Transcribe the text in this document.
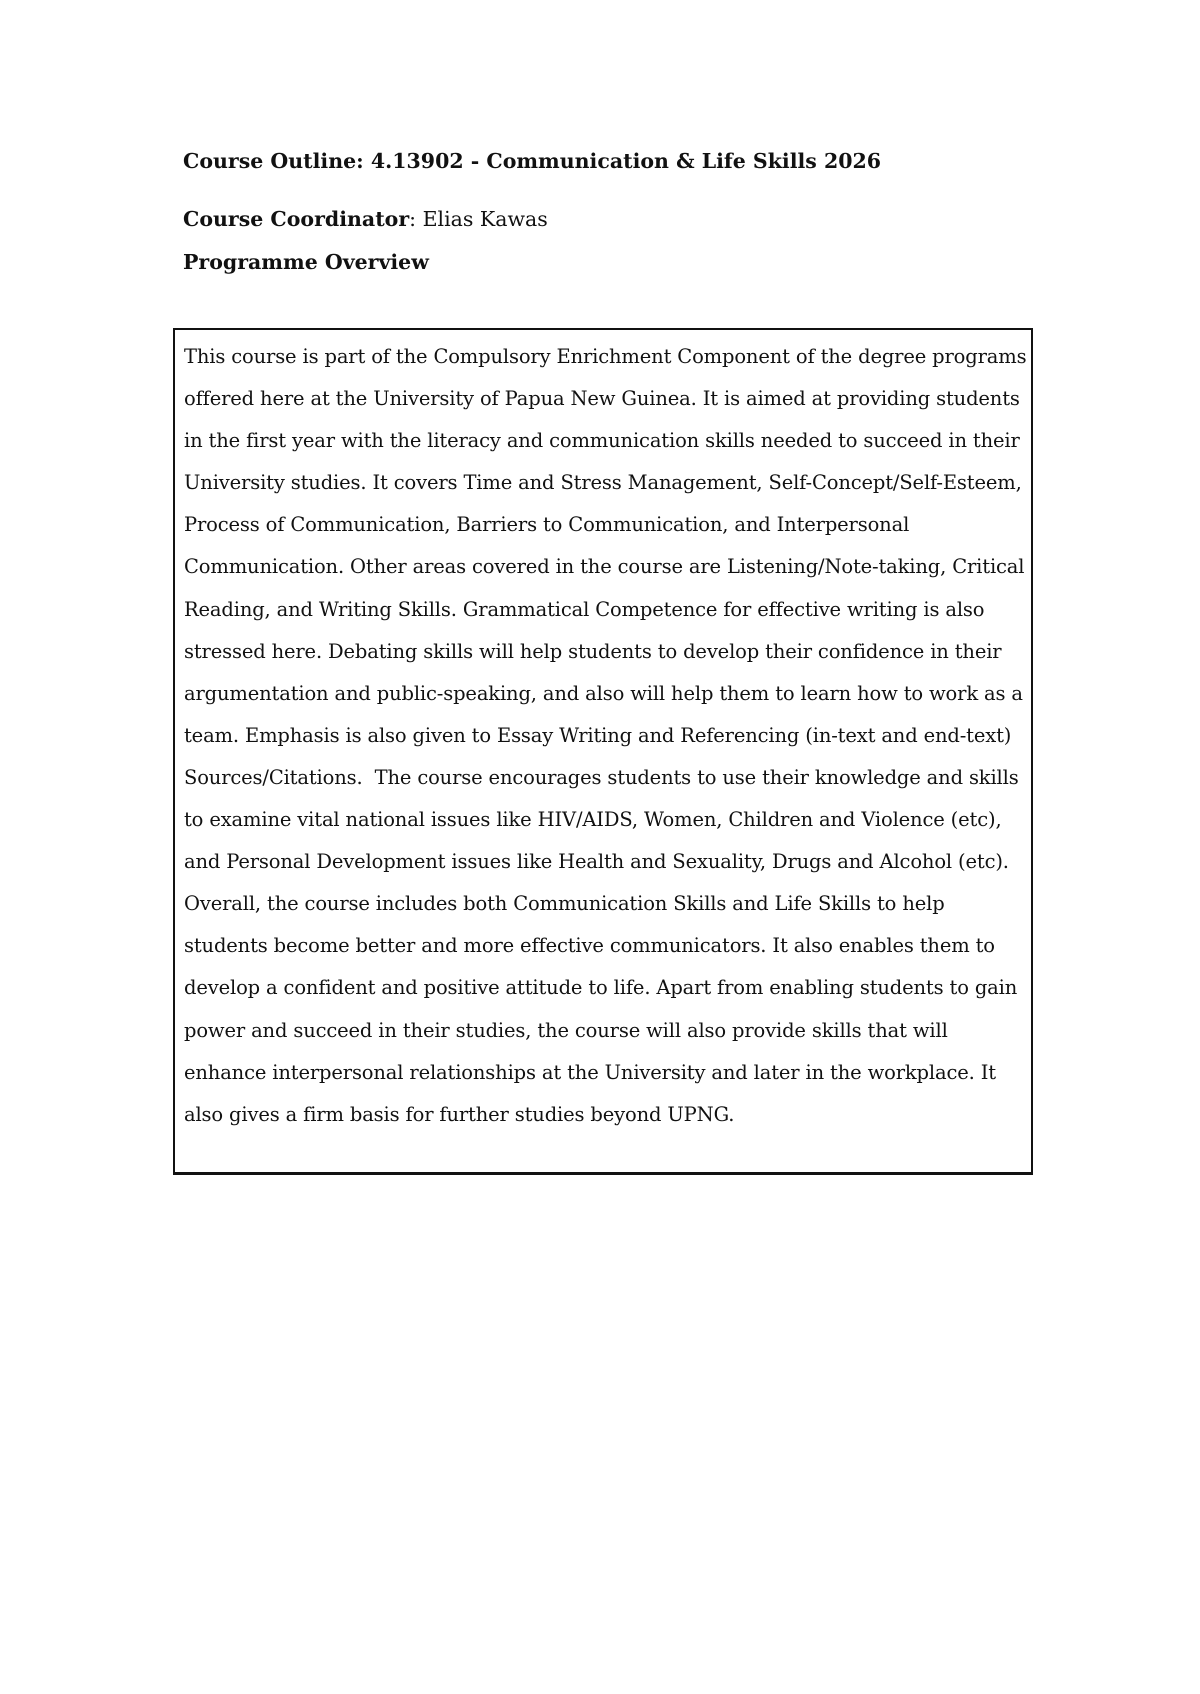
Course Outline: 4.13902 - Communication & Life Skills 2026
Course Coordinator: Elias Kawas
Programme Overview
This course is part of the Compulsory Enrichment Component of the degree programs
offered here at the University of Papua New Guinea. It is aimed at providing students
in the first year with the literacy and communication skills needed to succeed in their
University studies. It covers Time and Stress Management, Self-Concept/Self-Esteem,
Process of Communication, Barriers to Communication, and Interpersonal
Communication. Other areas covered in the course are Listening/Note-taking, Critical
Reading, and Writing Skills. Grammatical Competence for effective writing is also
stressed here. Debating skills will help students to develop their confidence in their
argumentation and public-speaking, and also will help them to learn how to work as a
team. Emphasis is also given to Essay Writing and Referencing (in-text and end-text)
Sources/Citations.  The course encourages students to use their knowledge and skills
to examine vital national issues like HIV/AIDS, Women, Children and Violence (etc),
and Personal Development issues like Health and Sexuality, Drugs and Alcohol (etc).
Overall, the course includes both Communication Skills and Life Skills to help
students become better and more effective communicators. It also enables them to
develop a confident and positive attitude to life. Apart from enabling students to gain
power and succeed in their studies, the course will also provide skills that will
enhance interpersonal relationships at the University and later in the workplace. It
also gives a firm basis for further studies beyond UPNG.
